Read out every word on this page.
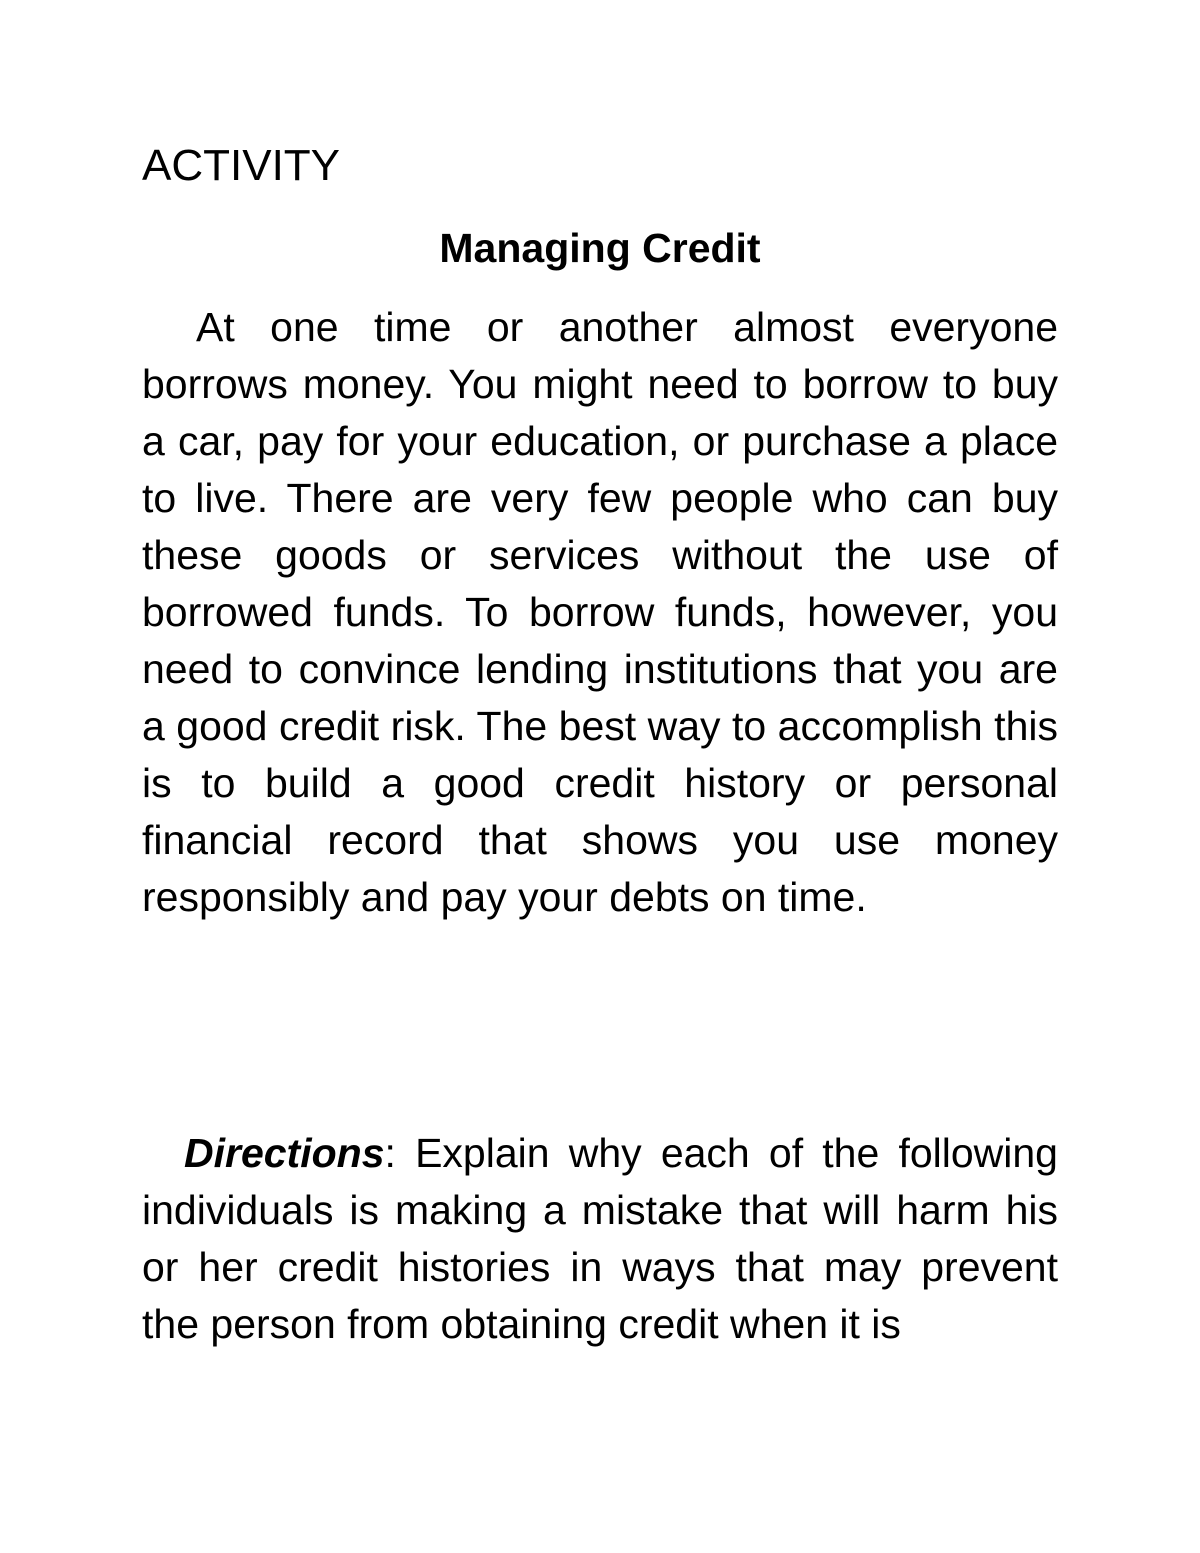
ACTIVITY
Managing Credit

At one time or another almost everyone borrows money. You might need to borrow to buy a car, pay for your education, or purchase a place to live. There are very few people who can buy these goods or services without the use of borrowed funds. To borrow funds, however, you need to convince lending institutions that you are a good credit risk. The best way to accomplish this is to build a good credit history or personal financial record that shows you use money responsibly and pay your debts on time.

Directions: Explain why each of the following individuals is making a mistake that will harm his or her credit histories in ways that may prevent the person from obtaining credit when it is
